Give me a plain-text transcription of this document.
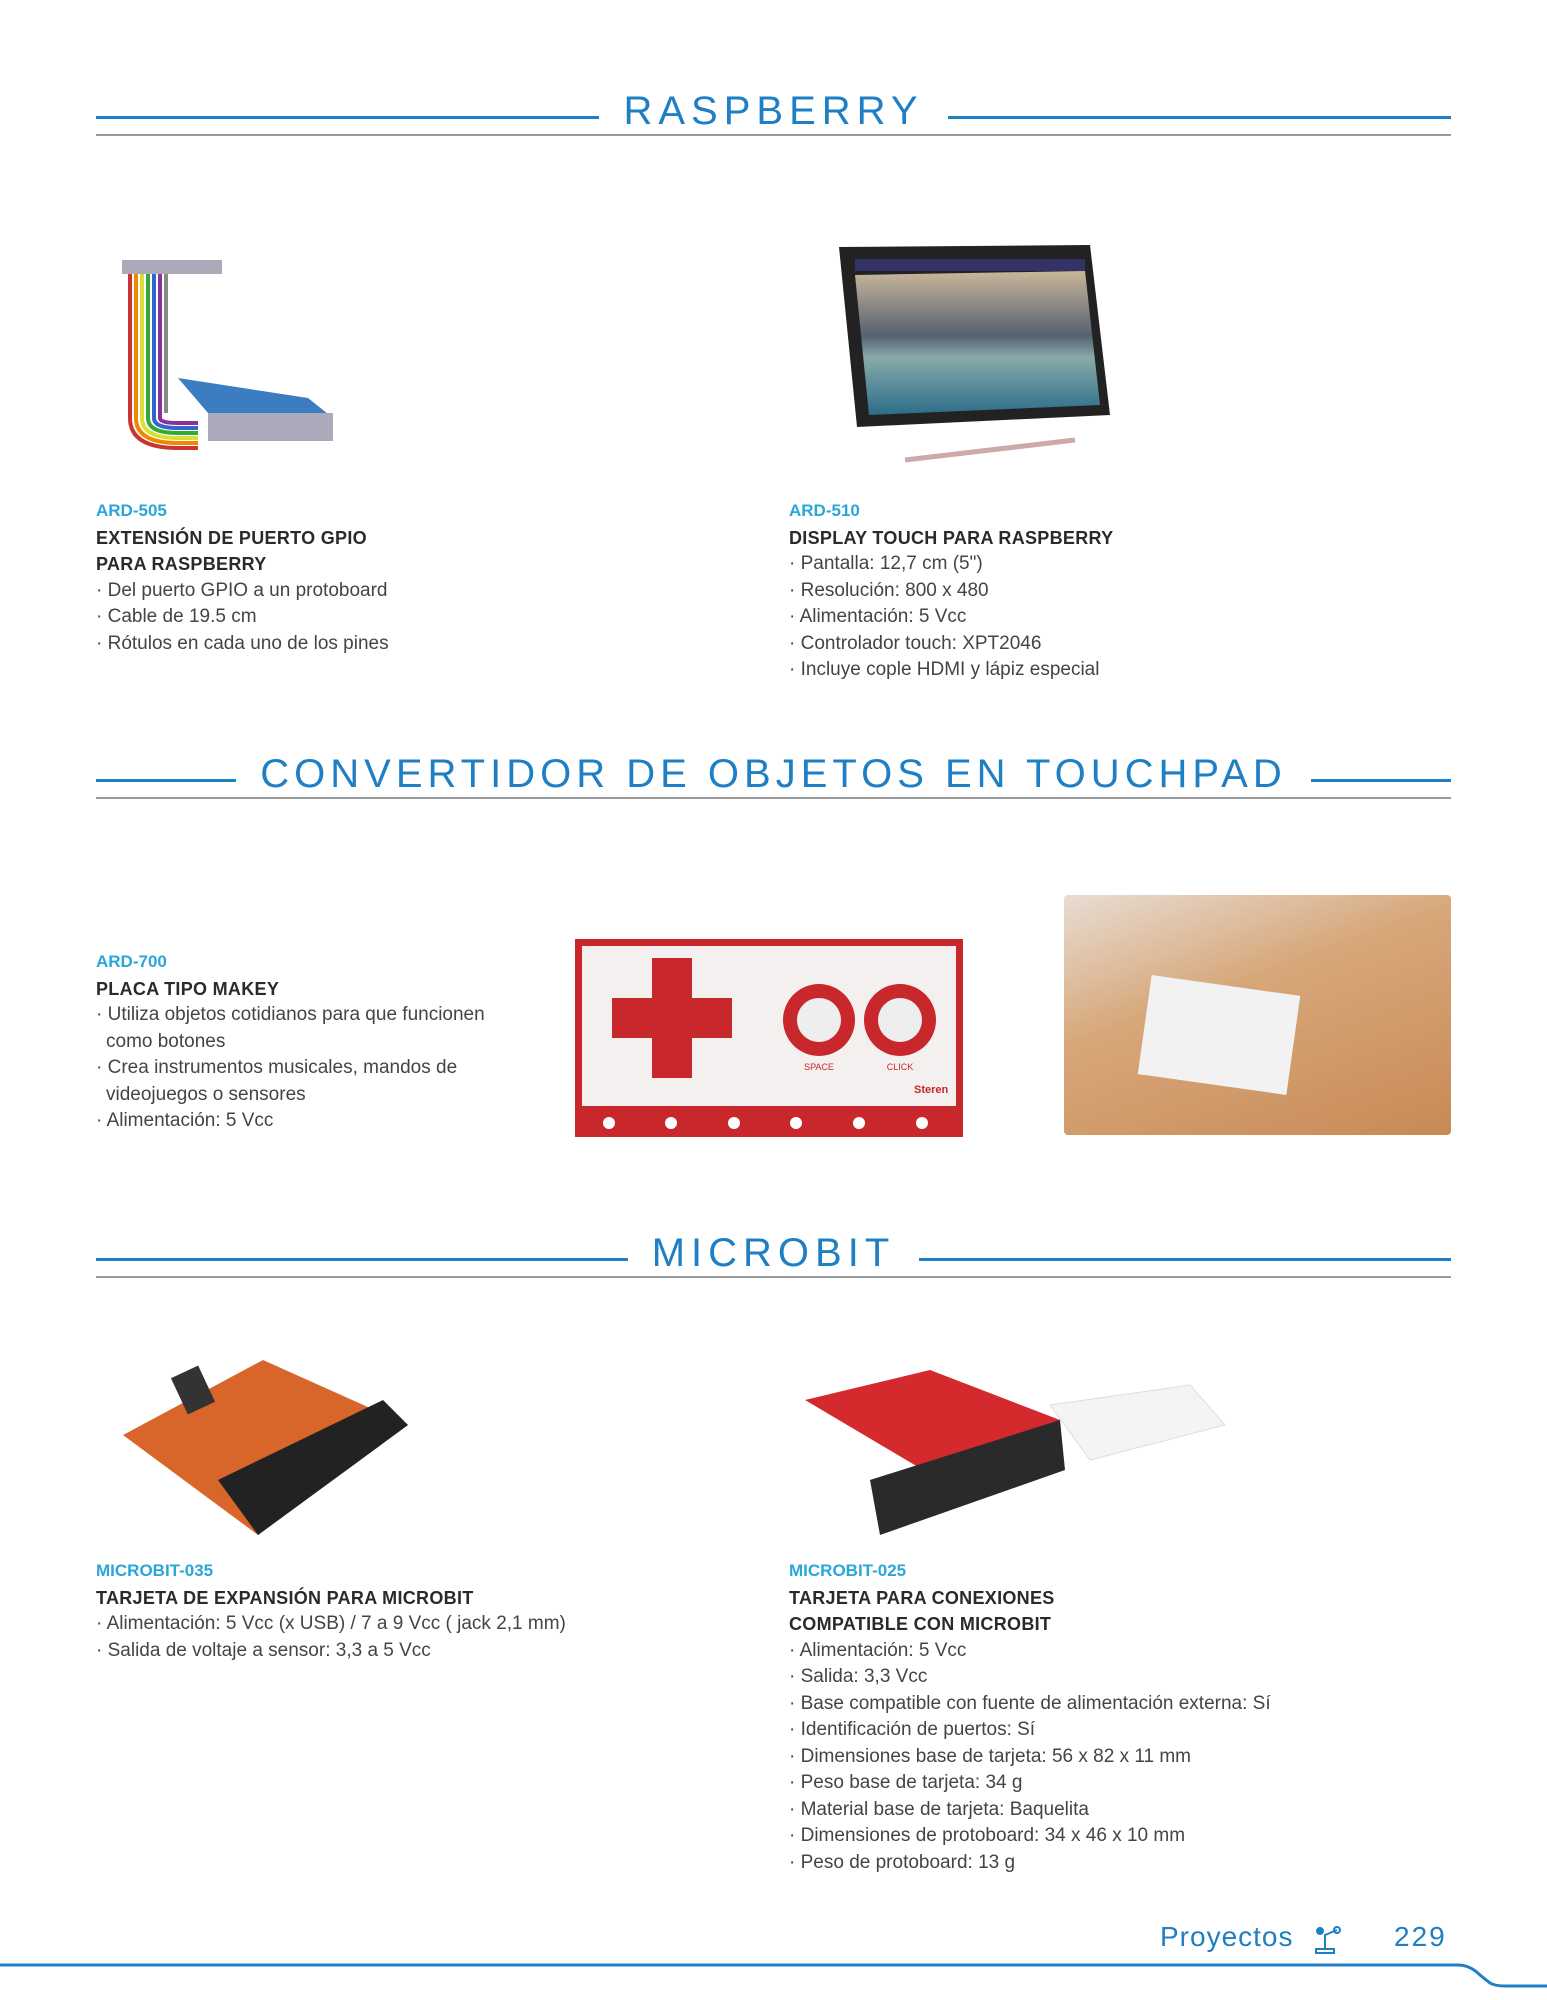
RASPBERRY
CONVERTIDOR DE OBJETOS EN TOUCHPAD
MICROBIT
SPACE	CLICK
Steren
ARD-505
EXTENSIÓN DE PUERTO GPIO
PARA RASPBERRY
· Del puerto GPIO a un protoboard
· Cable de 19.5 cm
· Rótulos en cada uno de los pines
ARD-510
DISPLAY TOUCH PARA RASPBERRY
· Pantalla: 12,7 cm (5")
· Resolución: 800 x 480
· Alimentación: 5 Vcc
· Controlador touch: XPT2046
· Incluye cople HDMI y lápiz especial
ARD-700
PLACA TIPO MAKEY
· Utiliza objetos cotidianos para que funcionen como botones
· Crea instrumentos musicales, mandos de videojuegos o sensores
· Alimentación: 5 Vcc
MICROBIT-035
TARJETA DE EXPANSIÓN PARA MICROBIT
· Alimentación: 5 Vcc (x USB) / 7 a 9 Vcc ( jack 2,1 mm)
· Salida de voltaje a sensor: 3,3 a 5 Vcc
MICROBIT-025
TARJETA PARA CONEXIONES
COMPATIBLE CON MICROBIT
· Alimentación: 5 Vcc
· Salida: 3,3 Vcc
· Base compatible con fuente de alimentación externa: Sí
· Identificación de puertos: Sí
· Dimensiones base de tarjeta: 56 x 82 x 11 mm
· Peso base de tarjeta: 34 g
· Material base de tarjeta: Baquelita
· Dimensiones de protoboard: 34 x 46 x 10 mm
· Peso de protoboard: 13 g
Proyectos	229
